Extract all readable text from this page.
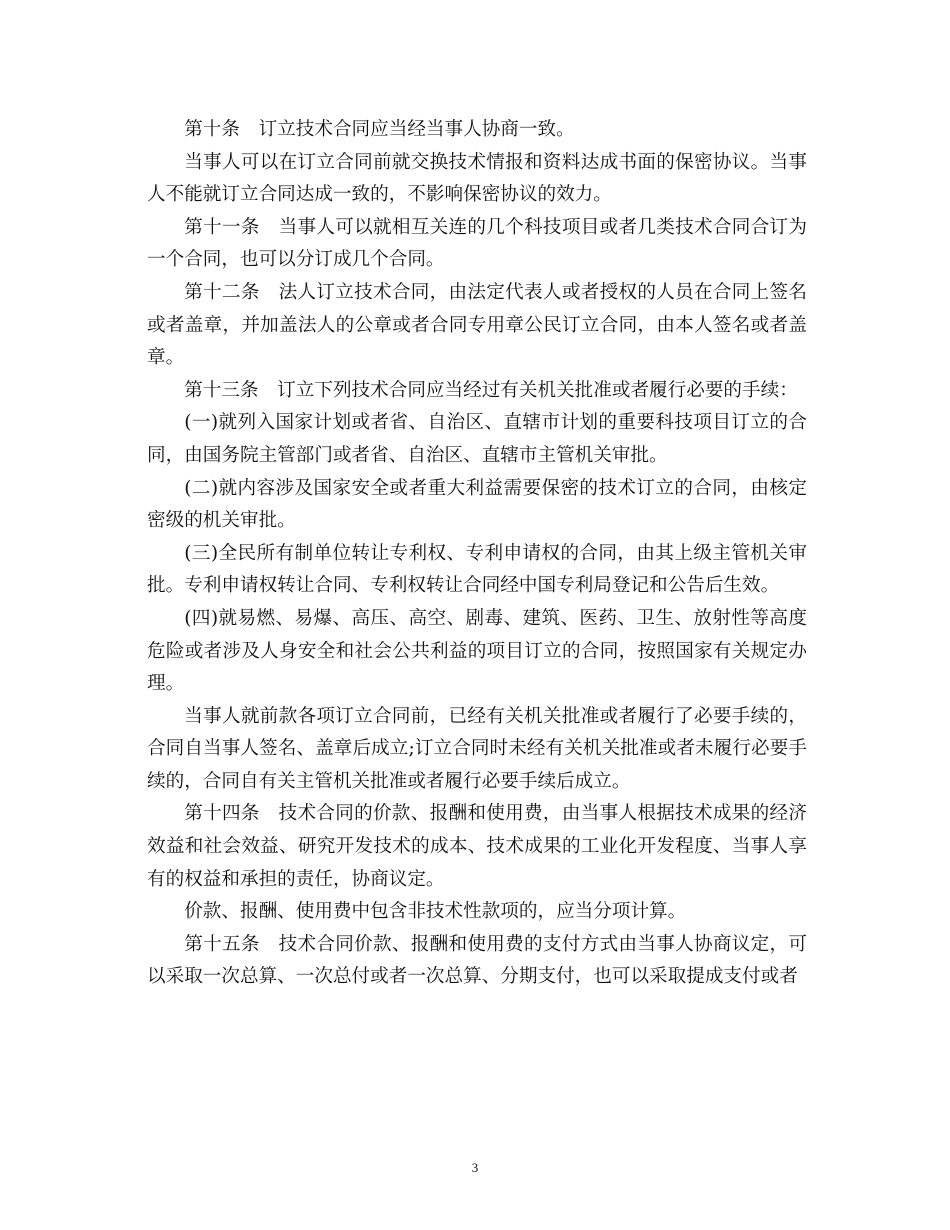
第十条　订立技术合同应当经当事人协商一致。

当事人可以在订立合同前就交换技术情报和资料达成书面的保密协议。当事人不能就订立合同达成一致的，不影响保密协议的效力。

第十一条　当事人可以就相互关连的几个科技项目或者几类技术合同合订为一个合同，也可以分订成几个合同。

第十二条　法人订立技术合同，由法定代表人或者授权的人员在合同上签名或者盖章，并加盖法人的公章或者合同专用章公民订立合同，由本人签名或者盖章。

第十三条　订立下列技术合同应当经过有关机关批准或者履行必要的手续：

(一)就列入国家计划或者省、自治区、直辖市计划的重要科技项目订立的合同，由国务院主管部门或者省、自治区、直辖市主管机关审批。

(二)就内容涉及国家安全或者重大利益需要保密的技术订立的合同，由核定密级的机关审批。

(三)全民所有制单位转让专利权、专利申请权的合同，由其上级主管机关审批。专利申请权转让合同、专利权转让合同经中国专利局登记和公告后生效。

(四)就易燃、易爆、高压、高空、剧毒、建筑、医药、卫生、放射性等高度危险或者涉及人身安全和社会公共利益的项目订立的合同，按照国家有关规定办理。

当事人就前款各项订立合同前，已经有关机关批准或者履行了必要手续的，合同自当事人签名、盖章后成立;订立合同时未经有关机关批准或者未履行必要手续的，合同自有关主管机关批准或者履行必要手续后成立。

第十四条　技术合同的价款、报酬和使用费，由当事人根据技术成果的经济效益和社会效益、研究开发技术的成本、技术成果的工业化开发程度、当事人享有的权益和承担的责任，协商议定。

价款、报酬、使用费中包含非技术性款项的，应当分项计算。

第十五条　技术合同价款、报酬和使用费的支付方式由当事人协商议定，可以采取一次总算、一次总付或者一次总算、分期支付，也可以采取提成支付或者

3
